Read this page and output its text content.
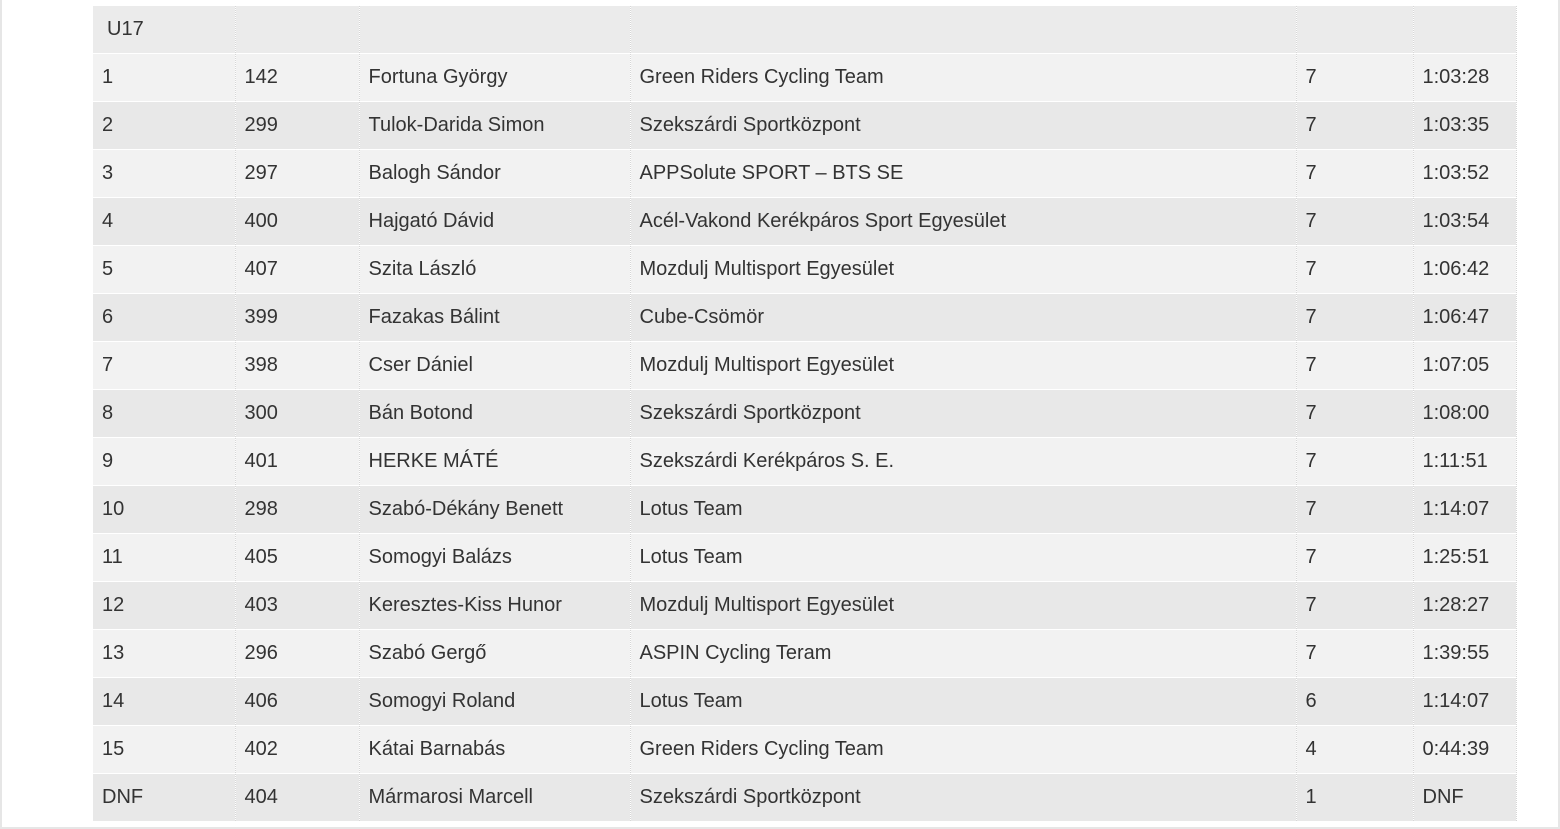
U17					
1	142	Fortuna György	Green Riders Cycling Team	7	1:03:28
2	299	Tulok-Darida Simon	Szekszárdi Sportközpont	7	1:03:35
3	297	Balogh Sándor	APPSolute SPORT – BTS SE	7	1:03:52
4	400	Hajgató Dávid	Acél-Vakond Kerékpáros Sport Egyesület	7	1:03:54
5	407	Szita László	Mozdulj Multisport Egyesület	7	1:06:42
6	399	Fazakas Bálint	Cube-Csömör	7	1:06:47
7	398	Cser Dániel	Mozdulj Multisport Egyesület	7	1:07:05
8	300	Bán Botond	Szekszárdi Sportközpont	7	1:08:00
9	401	HERKE MÁTÉ	Szekszárdi Kerékpáros S. E.	7	1:11:51
10	298	Szabó-Dékány Benett	Lotus Team	7	1:14:07
11	405	Somogyi Balázs	Lotus Team	7	1:25:51
12	403	Keresztes-Kiss Hunor	Mozdulj Multisport Egyesület	7	1:28:27
13	296	Szabó Gergő	ASPIN Cycling Teram	7	1:39:55
14	406	Somogyi Roland	Lotus Team	6	1:14:07
15	402	Kátai Barnabás	Green Riders Cycling Team	4	0:44:39
DNF	404	Mármarosi Marcell	Szekszárdi Sportközpont	1	DNF
